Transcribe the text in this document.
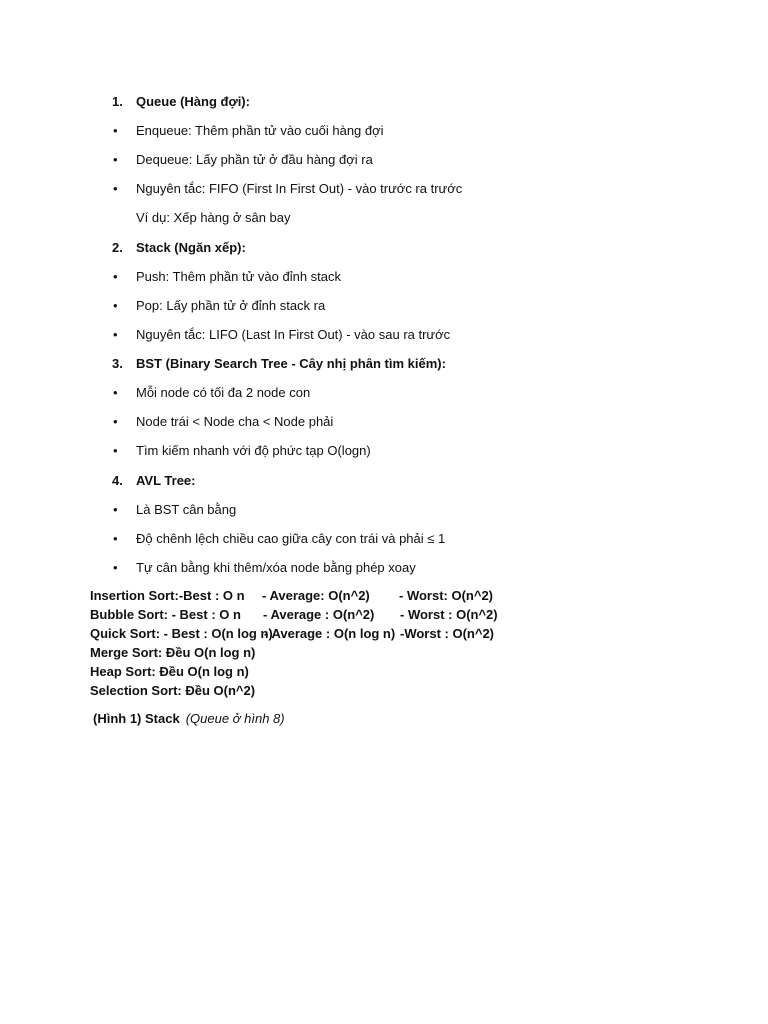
1. Queue (Hàng đợi):
• Enqueue: Thêm phần tử vào cuối hàng đợi
• Dequeue: Lấy phần tử ở đầu hàng đợi ra
• Nguyên tắc: FIFO (First In First Out) - vào trước ra trước
Ví dụ: Xếp hàng ở sân bay
2. Stack (Ngăn xếp):
• Push: Thêm phần tử vào đỉnh stack
• Pop: Lấy phần tử ở đỉnh stack ra
• Nguyên tắc: LIFO (Last In First Out) - vào sau ra trước
3. BST (Binary Search Tree - Cây nhị phân tìm kiếm):
• Mỗi node có tối đa 2 node con
• Node trái < Node cha < Node phải
• Tìm kiếm nhanh với độ phức tạp O(logn)
4. AVL Tree:
• Là BST cân bằng
• Độ chênh lệch chiều cao giữa cây con trái và phải ≤ 1
• Tự cân bằng khi thêm/xóa node bằng phép xoay
Insertion Sort:-Best : O n - Average: O(n^2) - Worst: O(n^2)
Bubble Sort: - Best : O n - Average : O(n^2) - Worst : O(n^2)
Quick Sort: - Best : O(n log n)
- Average : O(n log n) -Worst : O(n^2)
Merge Sort: Đều O(n log n)
Heap Sort: Đều O(n log n)
Selection Sort: Đều O(n^2)
(Hình 1) Stack (Queue ở hình 8)
